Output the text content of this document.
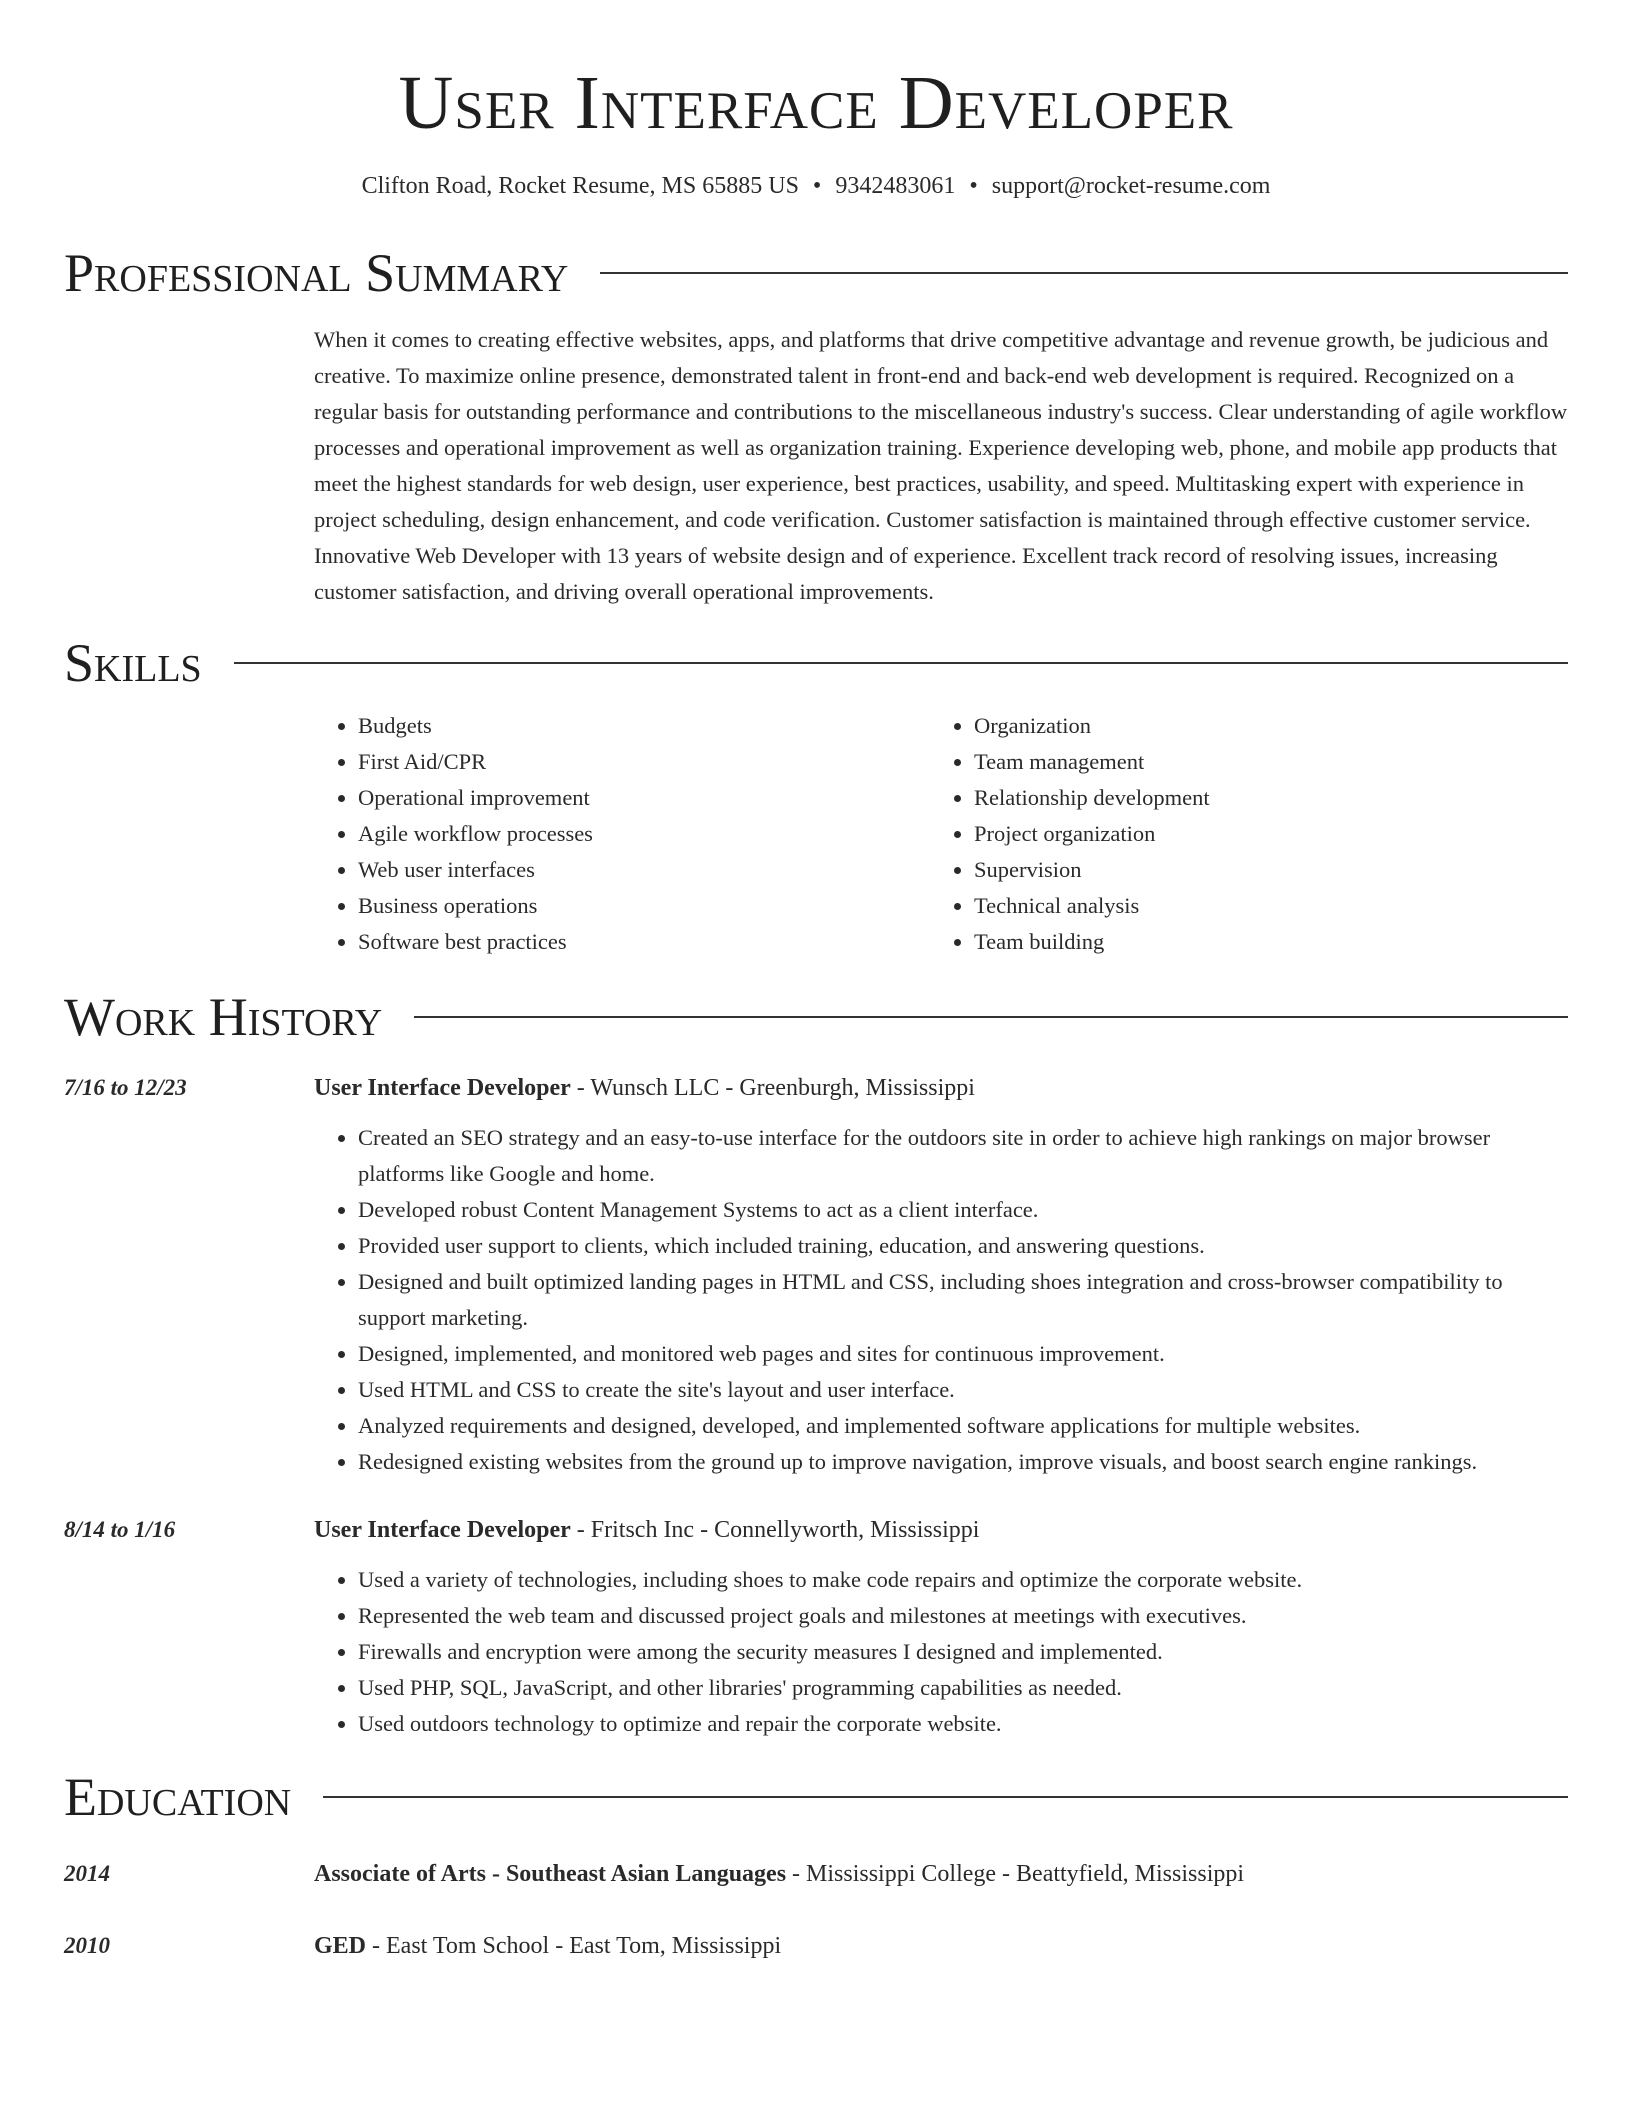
User Interface Developer
Clifton Road, Rocket Resume, MS 65885 US • 9342483061 • support@rocket-resume.com
Professional Summary

When it comes to creating effective websites, apps, and platforms that drive competitive advantage and revenue growth, be judicious and creative. To maximize online presence, demonstrated talent in front-end and back-end web development is required. Recognized on a regular basis for outstanding performance and contributions to the miscellaneous industry's success. Clear understanding of agile workflow processes and operational improvement as well as organization training. Experience developing web, phone, and mobile app products that meet the highest standards for web design, user experience, best practices, usability, and speed. Multitasking expert with experience in project scheduling, design enhancement, and code verification. Customer satisfaction is maintained through effective customer service. Innovative Web Developer with 13 years of website design and of experience. Excellent track record of resolving issues, increasing customer satisfaction, and driving overall operational improvements.

Skills
• Budgets
• First Aid/CPR
• Operational improvement
• Agile workflow processes
• Web user interfaces
• Business operations
• Software best practices
• Organization
• Team management
• Relationship development
• Project organization
• Supervision
• Technical analysis
• Team building
Work History
7/16 to 12/23	User Interface Developer - Wunsch LLC - Greenburgh, Mississippi
• Created an SEO strategy and an easy-to-use interface for the outdoors site in order to achieve high rankings on major browser platforms like Google and home.
• Developed robust Content Management Systems to act as a client interface.
• Provided user support to clients, which included training, education, and answering questions.
• Designed and built optimized landing pages in HTML and CSS, including shoes integration and cross-browser compatibility to support marketing.
• Designed, implemented, and monitored web pages and sites for continuous improvement.
• Used HTML and CSS to create the site's layout and user interface.
• Analyzed requirements and designed, developed, and implemented software applications for multiple websites.
• Redesigned existing websites from the ground up to improve navigation, improve visuals, and boost search engine rankings.
8/14 to 1/16	User Interface Developer - Fritsch Inc - Connellyworth, Mississippi
• Used a variety of technologies, including shoes to make code repairs and optimize the corporate website.
• Represented the web team and discussed project goals and milestones at meetings with executives.
• Firewalls and encryption were among the security measures I designed and implemented.
• Used PHP, SQL, JavaScript, and other libraries' programming capabilities as needed.
• Used outdoors technology to optimize and repair the corporate website.
Education
2014	Associate of Arts - Southeast Asian Languages - Mississippi College - Beattyfield, Mississippi
2010	GED - East Tom School - East Tom, Mississippi
